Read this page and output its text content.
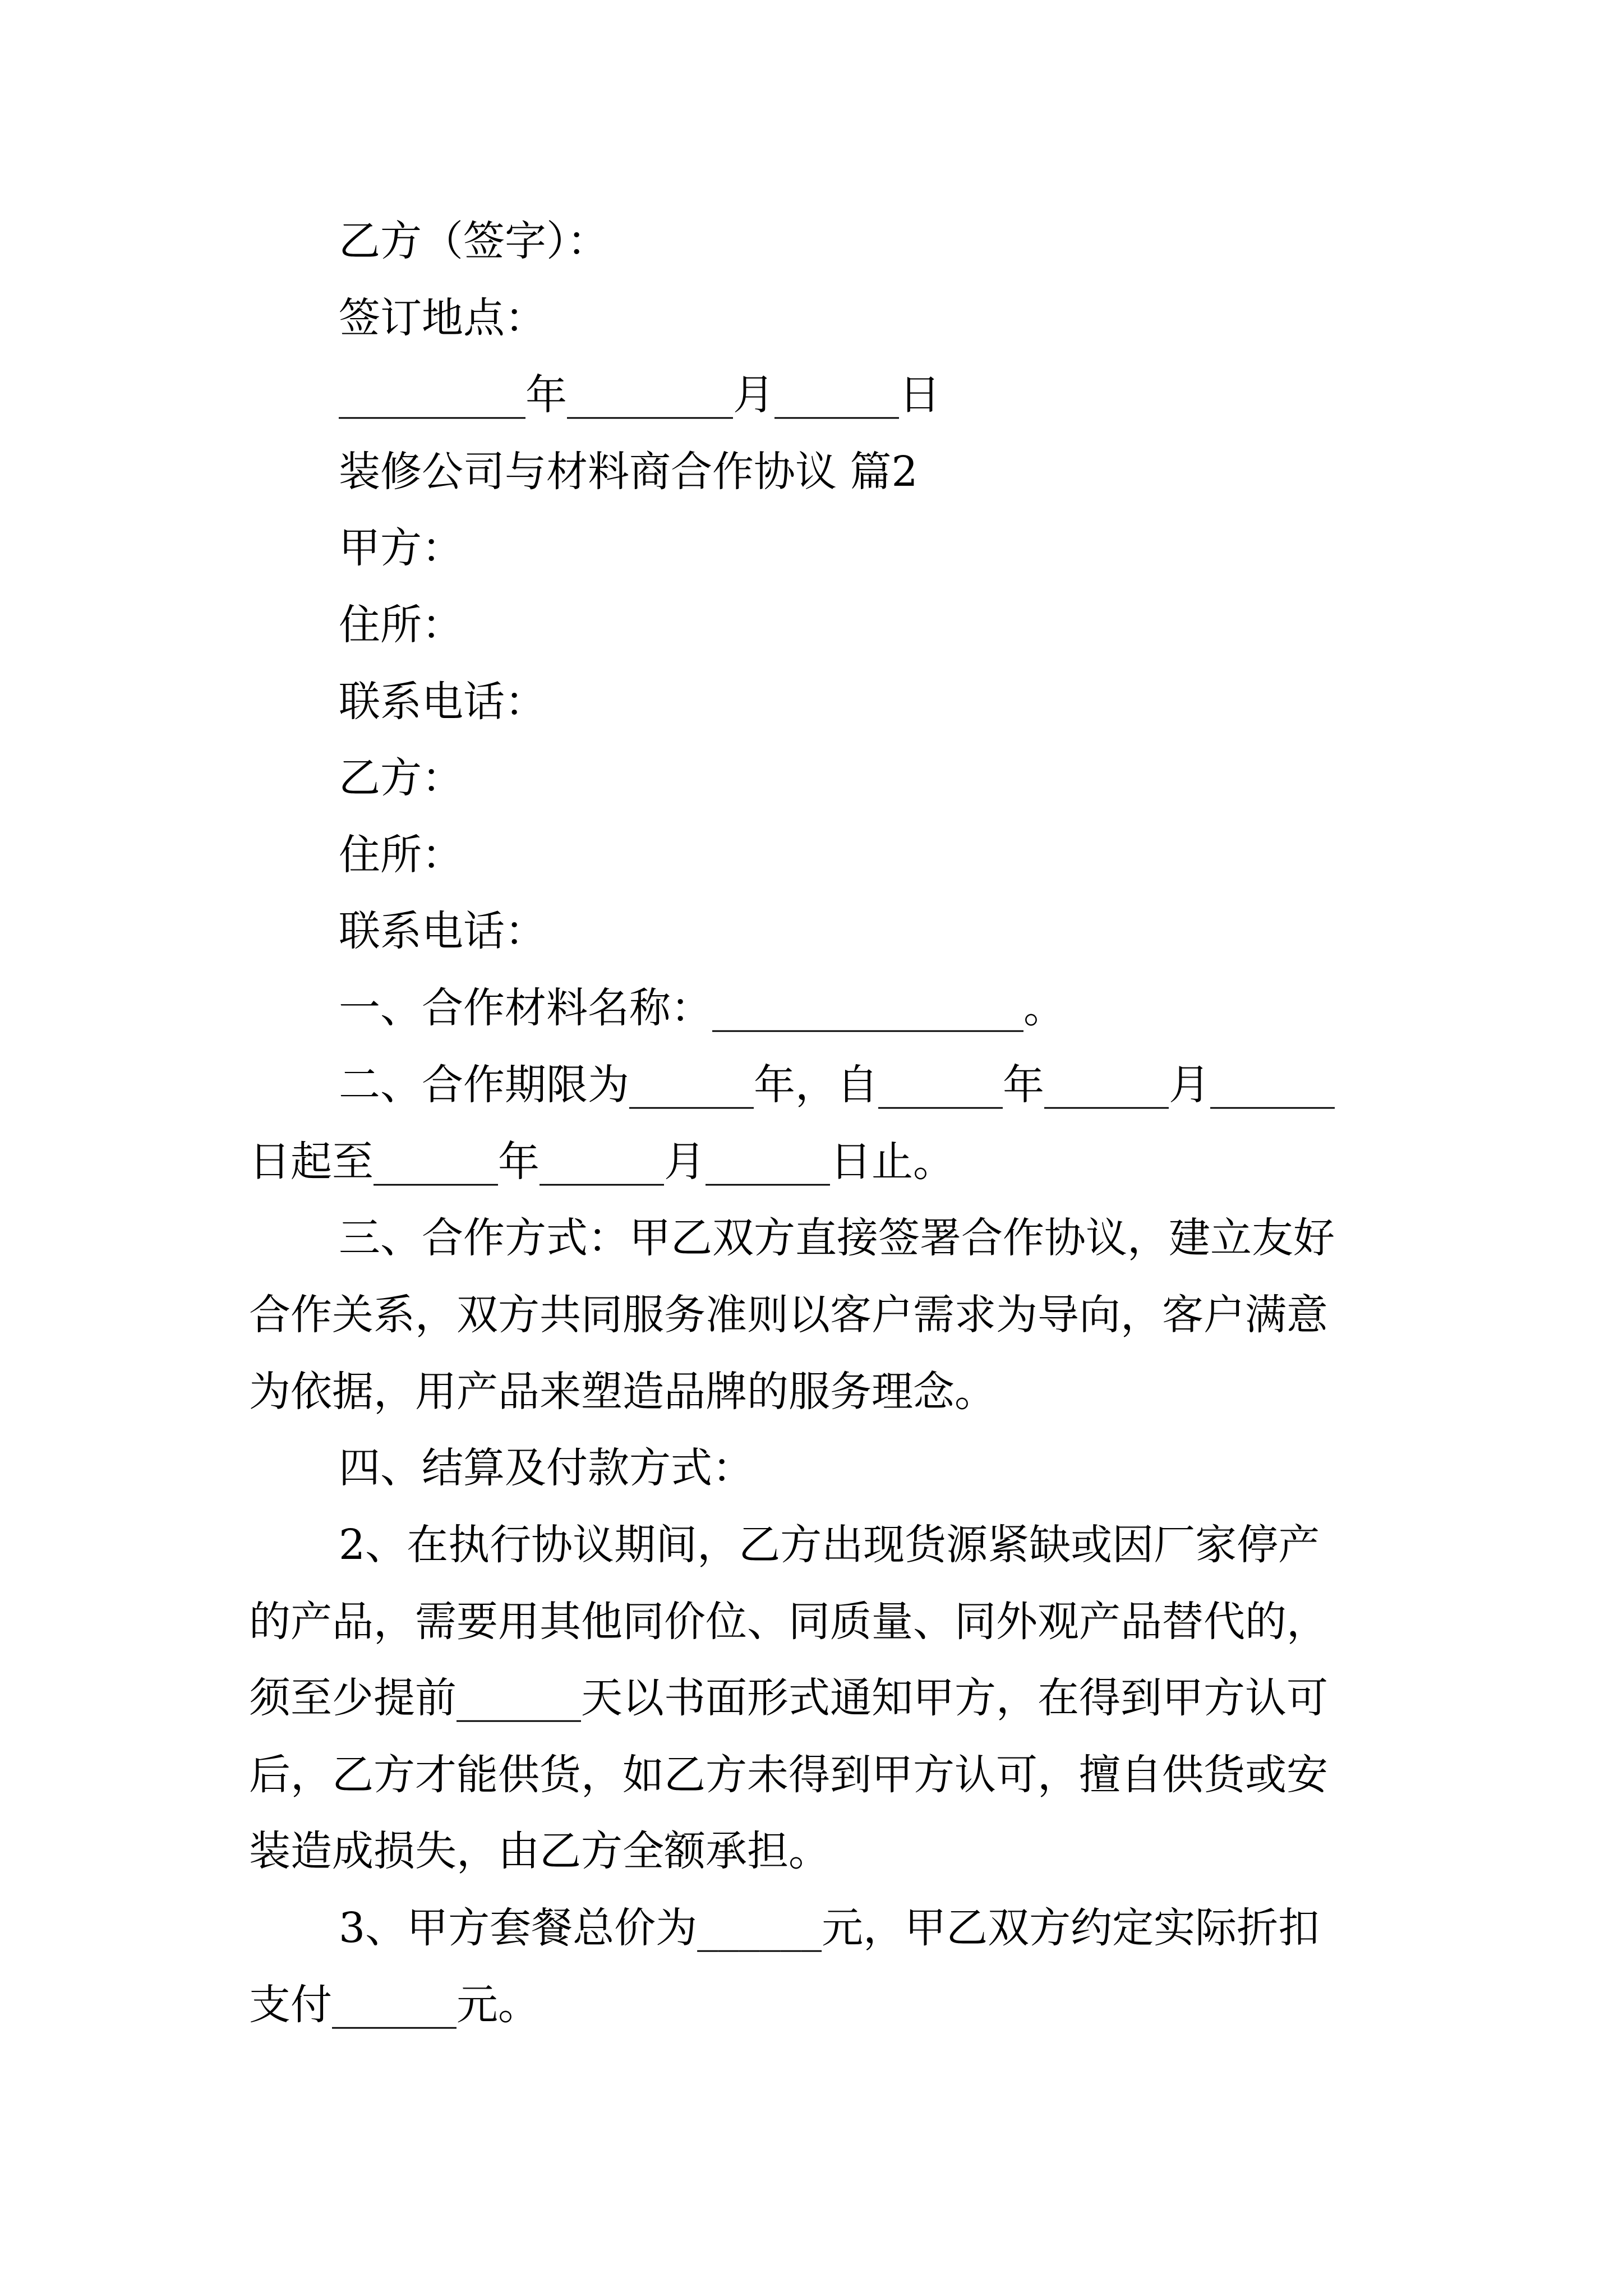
乙方（签字）：
签订地点：
_________年________月______日
装修公司与材料商合作协议 篇2
甲方：
住所：
联系电话：
乙方：
住所：
联系电话：
一、合作材料名称：_______________。
二、合作期限为______年，自______年______月______
日起至______年______月______日止。
三、合作方式：甲乙双方直接签署合作协议，建立友好
合作关系，双方共同服务准则以客户需求为导向，客户满意
为依据，用产品来塑造品牌的服务理念。
四、结算及付款方式：
2、在执行协议期间，乙方出现货源紧缺或因厂家停产
的产品，需要用其他同价位、同质量、同外观产品替代的，
须至少提前______天以书面形式通知甲方，在得到甲方认可
后，乙方才能供货，如乙方未得到甲方认可，擅自供货或安
装造成损失，由乙方全额承担。
3、甲方套餐总价为______元，甲乙双方约定实际折扣
支付______元。
